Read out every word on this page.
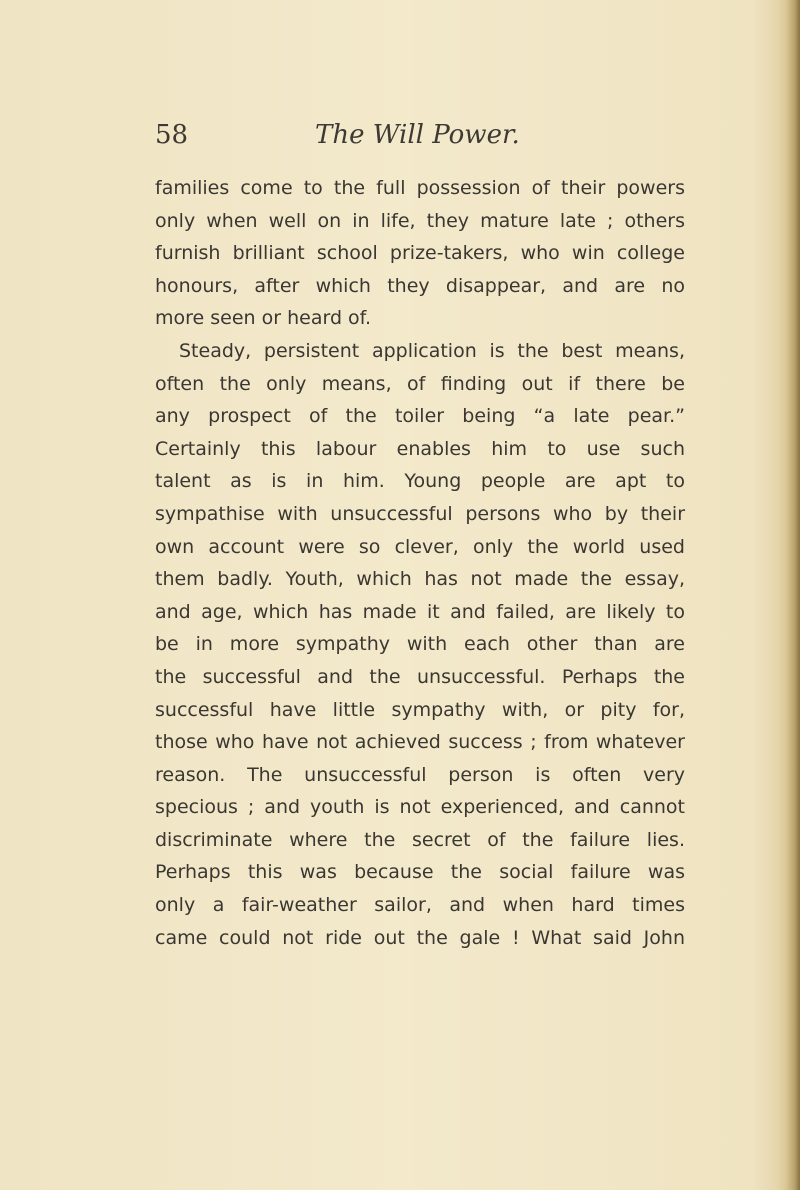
58	The Will Power.
families come to the full possession of their powers
only when well on in life, they mature late ; others
furnish brilliant school prize-takers, who win college
honours, after which they disappear, and are no
more seen or heard of.
Steady, persistent application is the best means,
often the only means, of finding out if there be
any prospect of the toiler being “a late pear.”
Certainly this labour enables him to use such
talent as is in him. Young people are apt to
sympathise with unsuccessful persons who by their
own account were so clever, only the world used
them badly. Youth, which has not made the essay,
and age, which has made it and failed, are likely to
be in more sympathy with each other than are
the successful and the unsuccessful. Perhaps the
successful have little sympathy with, or pity for,
those who have not achieved success ; from whatever
reason. The unsuccessful person is often very
specious ; and youth is not experienced, and cannot
discriminate where the secret of the failure lies.
Perhaps this was because the social failure was
only a fair-weather sailor, and when hard times
came could not ride out the gale ! What said John
